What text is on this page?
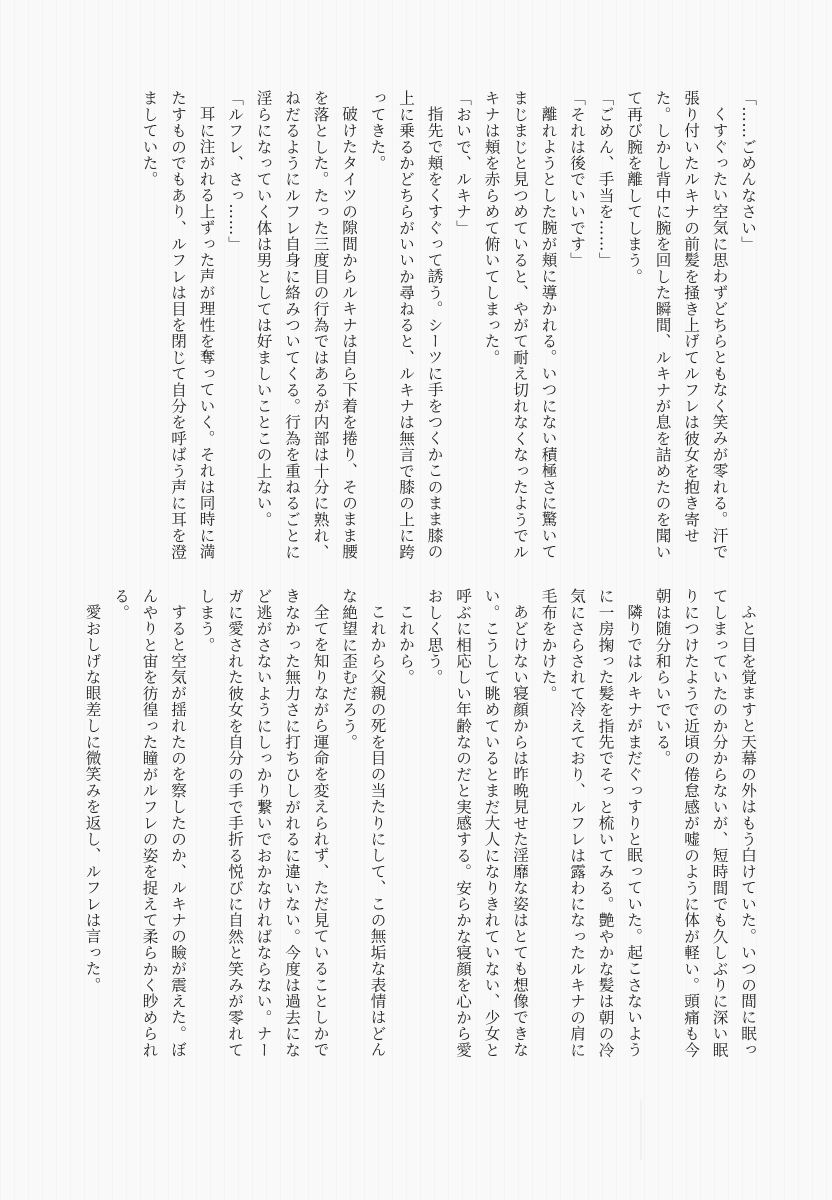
「……ごめんなさい」

くすぐったい空気に思わずどちらともなく笑みが零れる。汗で張り付いたルキナの前髪を掻き上げてルフレは彼女を抱き寄せた。しかし背中に腕を回した瞬間、ルキナが息を詰めたのを聞いて再び腕を離してしまう。

「ごめん、手当を……」

「それは後でいいです」

離れようとした腕が頬に導かれる。いつにない積極さに驚いてまじまじと見つめていると、やがて耐え切れなくなったようでルキナは頬を赤らめて俯いてしまった。

「おいで、ルキナ」

指先で頬をくすぐって誘う。シーツに手をつくかこのまま膝の上に乗るかどちらがいいか尋ねると、ルキナは無言で膝の上に跨ってきた。

破けたタイツの隙間からルキナは自ら下着を捲り、そのまま腰を落とした。たった三度目の行為ではあるが内部は十分に熟れ、ねだるようにルフレ自身に絡みついてくる。行為を重ねるごとに淫らになっていく体は男としては好ましいことこの上ない。

「ルフレ、さっ……」

耳に注がれる上ずった声が理性を奪っていく。それは同時に満たすものでもあり、ルフレは目を閉じて自分を呼ばう声に耳を澄ましていた。

ふと目を覚ますと天幕の外はもう白けていた。いつの間に眠ってしまっていたのか分からないが、短時間でも久しぶりに深い眠りにつけたようで近頃の倦怠感が嘘のように体が軽い。頭痛も今朝は随分和らいでいる。

隣りではルキナがまだぐっすりと眠っていた。起こさないように一房掬った髪を指先でそっと梳いてみる。艶やかな髪は朝の冷気にさらされて冷えており、ルフレは露わになったルキナの肩に毛布をかけた。

あどけない寝顔からは昨晩見せた淫靡な姿はとても想像できない。こうして眺めているとまだ大人になりきれていない、少女と呼ぶに相応しい年齢なのだと実感する。安らかな寝顔を心から愛おしく思う。

これから。

これから父親の死を目の当たりにして、この無垢な表情はどんな絶望に歪むだろう。

全てを知りながら運命を変えられず、ただ見ていることしかできなかった無力さに打ちひしがれるに違いない。今度は過去になど逃がさないようにしっかり繋いでおかなければならない。ナーガに愛された彼女を自分の手で手折る悦びに自然と笑みが零れてしまう。

すると空気が揺れたのを察したのか、ルキナの瞼が震えた。ぼんやりと宙を彷徨った瞳がルフレの姿を捉えて柔らかく眇められる。

愛おしげな眼差しに微笑みを返し、ルフレは言った。
